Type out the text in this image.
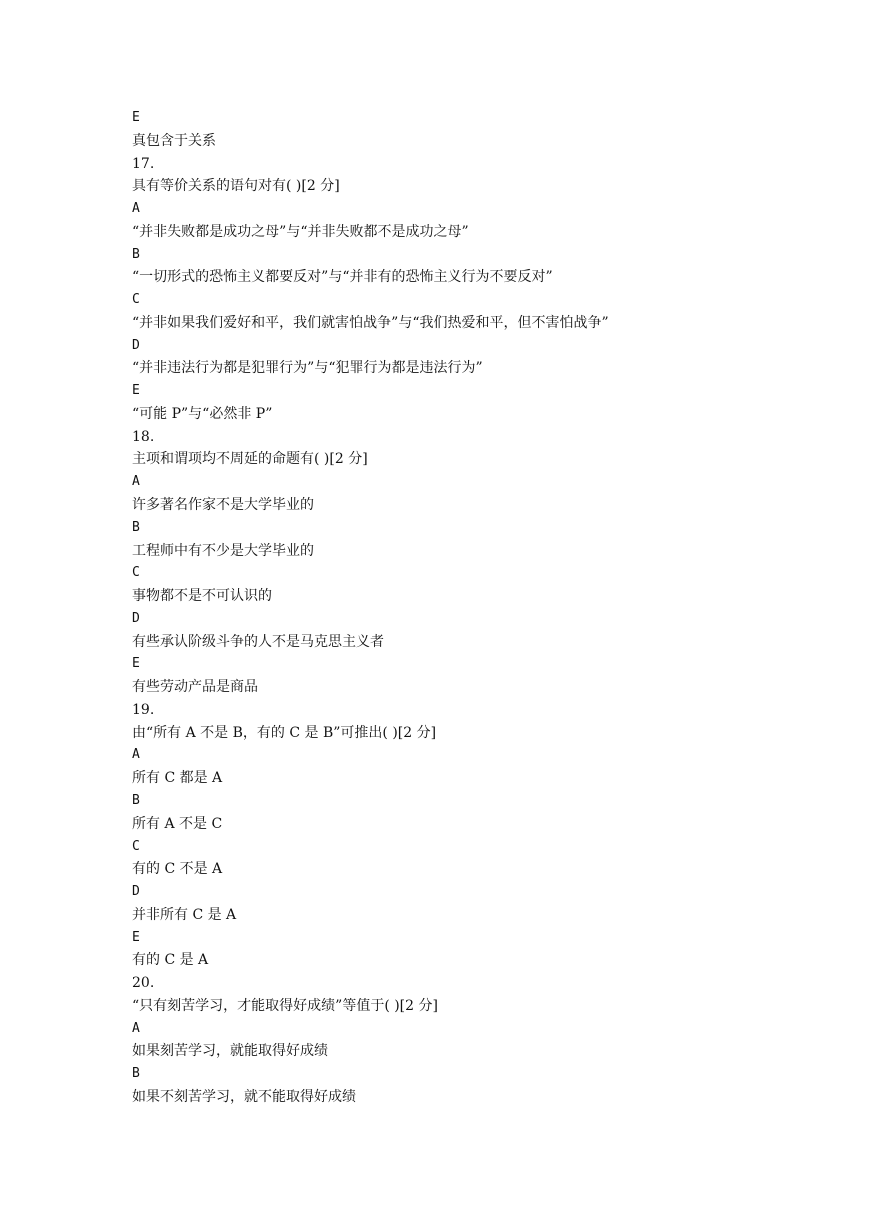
E
真包含于关系
17.
具有等价关系的语句对有( )[2 分]
A
“并非失败都是成功之母”与“并非失败都不是成功之母”
B
“一切形式的恐怖主义都要反对”与“并非有的恐怖主义行为不要反对”
C
“并非如果我们爱好和平，我们就害怕战争”与“我们热爱和平，但不害怕战争”
D
“并非违法行为都是犯罪行为”与“犯罪行为都是违法行为”
E
“可能 P”与“必然非 P”
18.
主项和谓项均不周延的命题有( )[2 分]
A
许多著名作家不是大学毕业的
B
工程师中有不少是大学毕业的
C
事物都不是不可认识的
D
有些承认阶级斗争的人不是马克思主义者
E
有些劳动产品是商品
19.
由“所有 A 不是 B，有的 C 是 B”可推出( )[2 分]
A
所有 C 都是 A
B
所有 A 不是 C
C
有的 C 不是 A
D
并非所有 C 是 A
E
有的 C 是 A
20.
“只有刻苦学习，才能取得好成绩”等值于( )[2 分]
A
如果刻苦学习，就能取得好成绩
B
如果不刻苦学习，就不能取得好成绩
